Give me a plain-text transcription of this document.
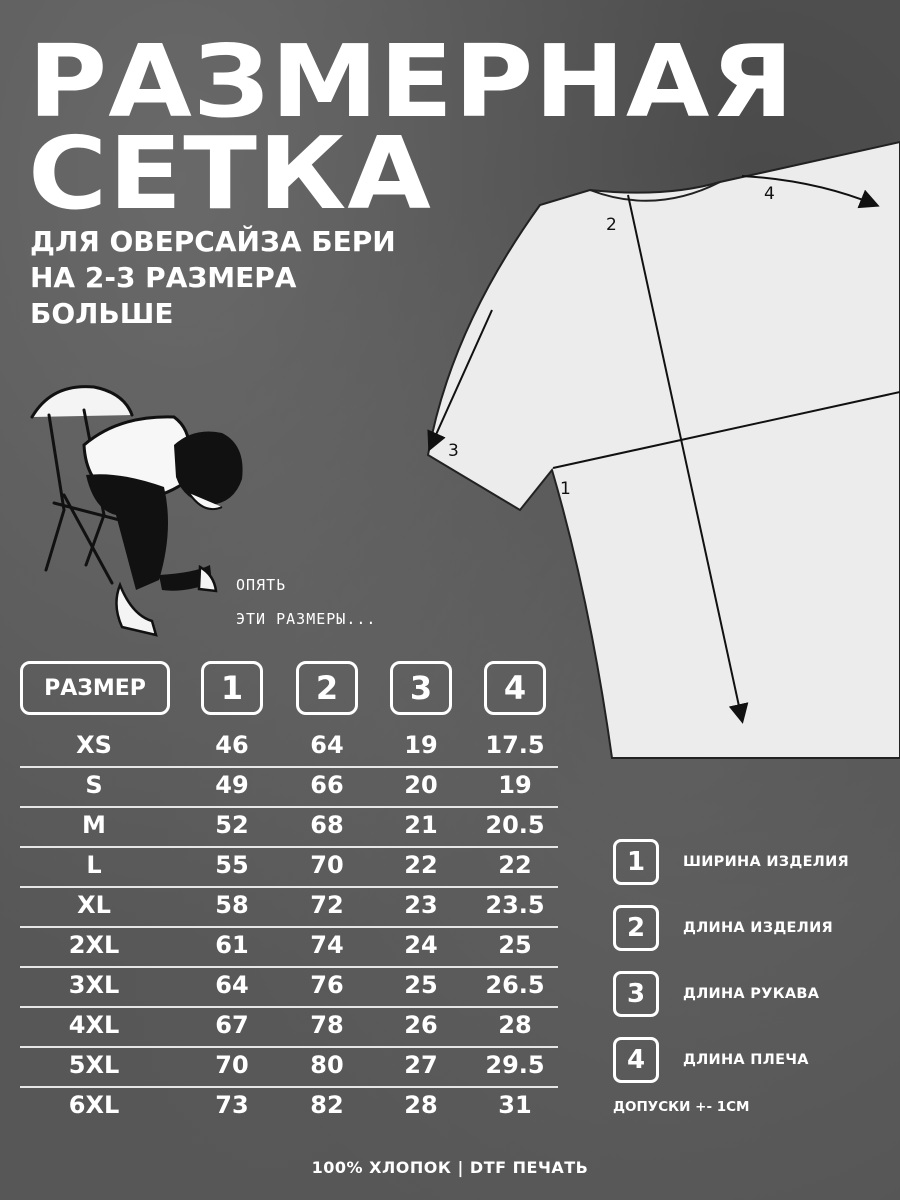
РАЗМЕРНАЯ
СЕТКА
ДЛЯ ОВЕРСАЙЗА БЕРИ
НА 2-3 РАЗМЕРА
БОЛЬШЕ
1
2
3
4
ОПЯТЬ
ЭТИ РАЗМЕРЫ...
РАЗМЕР	1	2	3	4
XS	46	64	19	17.5
S	49	66	20	19
M	52	68	21	20.5
L	55	70	22	22
XL	58	72	23	23.5
2XL	61	74	24	25
3XL	64	76	25	26.5
4XL	67	78	26	28
5XL	70	80	27	29.5
6XL	73	82	28	31
1	ШИРИНА ИЗДЕЛИЯ
2	ДЛИНА ИЗДЕЛИЯ
3	ДЛИНА РУКАВА
4	ДЛИНА ПЛЕЧА
ДОПУСКИ +- 1СМ
100% ХЛОПОК | DTF ПЕЧАТЬ
